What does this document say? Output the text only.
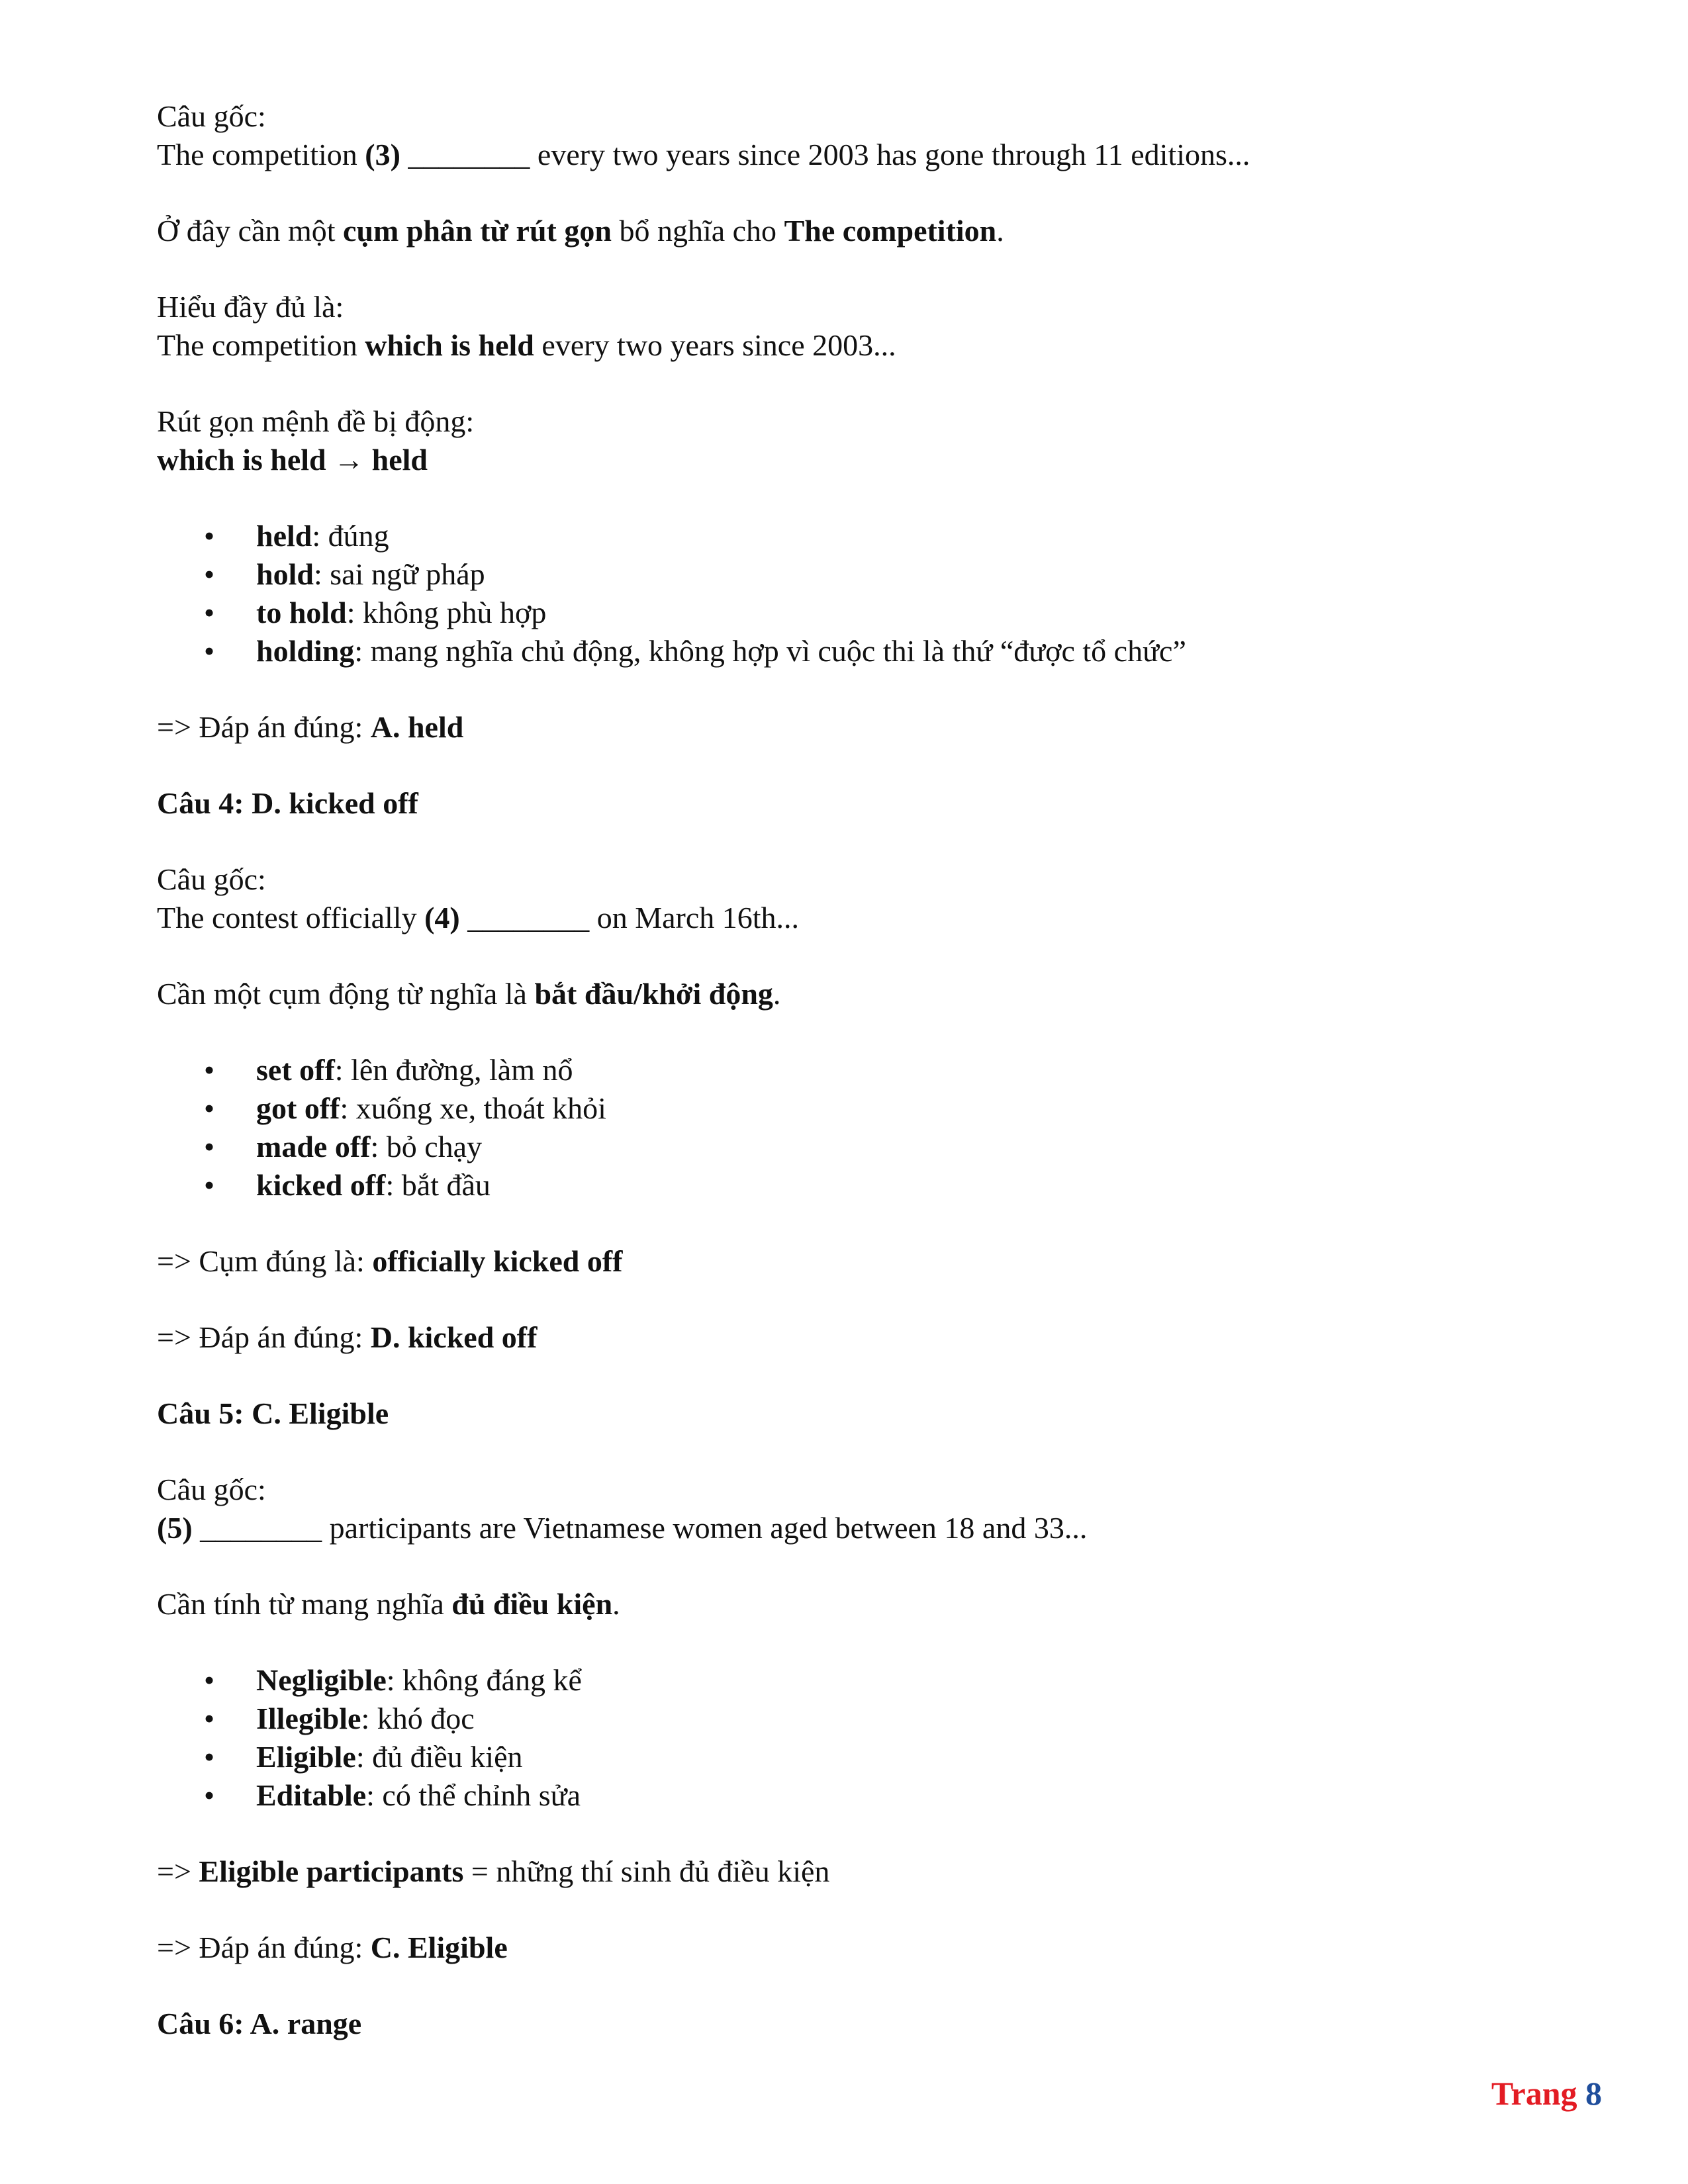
Câu gốc:

The competition (3) ________ every two years since 2003 has gone through 11 editions...

Ở đây cần một cụm phân từ rút gọn bổ nghĩa cho The competition.

Hiểu đầy đủ là:

The competition which is held every two years since 2003...

Rút gọn mệnh đề bị động:

which is held → held

• held: đúng

• hold: sai ngữ pháp

• to hold: không phù hợp

• holding: mang nghĩa chủ động, không hợp vì cuộc thi là thứ “được tổ chức”

=> Đáp án đúng: A. held

Câu 4: D. kicked off

Câu gốc:

The contest officially (4) ________ on March 16th...

Cần một cụm động từ nghĩa là bắt đầu/khởi động.

• set off: lên đường, làm nổ

• got off: xuống xe, thoát khỏi

• made off: bỏ chạy

• kicked off: bắt đầu

=> Cụm đúng là: officially kicked off

=> Đáp án đúng: D. kicked off

Câu 5: C. Eligible

Câu gốc:

(5) ________ participants are Vietnamese women aged between 18 and 33...

Cần tính từ mang nghĩa đủ điều kiện.

• Negligible: không đáng kể

• Illegible: khó đọc

• Eligible: đủ điều kiện

• Editable: có thể chỉnh sửa

=> Eligible participants = những thí sinh đủ điều kiện

=> Đáp án đúng: C. Eligible

Câu 6: A. range

Trang 8
